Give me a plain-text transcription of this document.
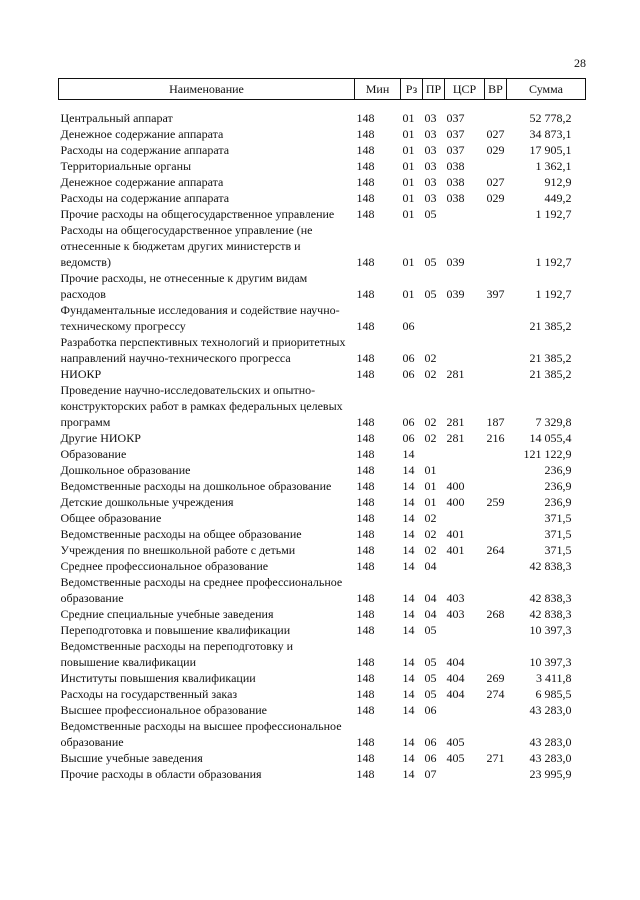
28
Наименование	Мин	Рз	ПР	ЦСР	ВР	Сумма
Центральный аппарат	148	01	03	037		52 778,2
Денежное содержание аппарата	148	01	03	037	027	34 873,1
Расходы на содержание аппарата	148	01	03	037	029	17 905,1
Территориальные органы	148	01	03	038		1 362,1
Денежное содержание аппарата	148	01	03	038	027	912,9
Расходы на содержание аппарата	148	01	03	038	029	449,2
Прочие расходы на общегосударственное управление	148	01	05			1 192,7
Расходы на общегосударственное управление (не отнесенные к бюджетам других министерств и ведомств)	148	01	05	039		1 192,7
Прочие расходы, не отнесенные к другим видам расходов	148	01	05	039	397	1 192,7
Фундаментальные исследования и содействие научно-техническому прогрессу	148	06				21 385,2
Разработка перспективных технологий и приоритетных направлений научно-технического прогресса	148	06	02			21 385,2
НИОКР	148	06	02	281		21 385,2
Проведение научно-исследовательских и опытно-конструкторских работ в рамках федеральных целевых программ	148	06	02	281	187	7 329,8
Другие НИОКР	148	06	02	281	216	14 055,4
Образование	148	14				121 122,9
Дошкольное образование	148	14	01			236,9
Ведомственные расходы на дошкольное образование	148	14	01	400		236,9
Детские дошкольные учреждения	148	14	01	400	259	236,9
Общее образование	148	14	02			371,5
Ведомственные расходы на общее образование	148	14	02	401		371,5
Учреждения по внешкольной работе с детьми	148	14	02	401	264	371,5
Среднее профессиональное образование	148	14	04			42 838,3
Ведомственные расходы на среднее профессиональное образование	148	14	04	403		42 838,3
Средние специальные учебные заведения	148	14	04	403	268	42 838,3
Переподготовка и повышение квалификации	148	14	05			10 397,3
Ведомственные расходы на переподготовку и повышение квалификации	148	14	05	404		10 397,3
Институты повышения квалификации	148	14	05	404	269	3 411,8
Расходы на государственный заказ	148	14	05	404	274	6 985,5
Высшее профессиональное образование	148	14	06			43 283,0
Ведомственные расходы на высшее профессиональное образование	148	14	06	405		43 283,0
Высшие учебные заведения	148	14	06	405	271	43 283,0
Прочие расходы в области образования	148	14	07			23 995,9
